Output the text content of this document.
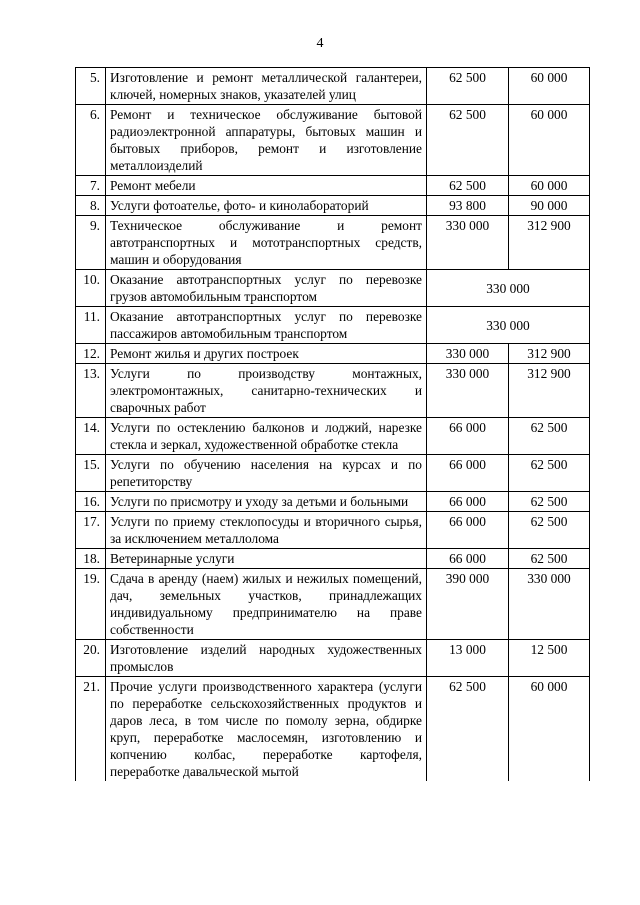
4
5.	Изготовление и ремонт металлической галантереи, ключей, номерных знаков, указателей улиц	62 500	60 000
6.	Ремонт и техническое обслуживание бытовой радиоэлектронной аппаратуры, бытовых машин и бытовых приборов, ремонт и изготовление металлоизделий	62 500	60 000
7.	Ремонт мебели	62 500	60 000
8.	Услуги фотоателье, фото- и кинолабораторий	93 800	90 000
9.	Техническое обслуживание и ремонт автотранспортных и мототранспортных средств, машин и оборудования	330 000	312 900
10.	Оказание автотранспортных услуг по перевозке грузов автомобильным транспортом	330 000	
11.	Оказание автотранспортных услуг по перевозке пассажиров автомобильным транспортом	330 000	
12.	Ремонт жилья и других построек	330 000	312 900
13.	Услуги по производству монтажных, электромонтажных, санитарно-технических и сварочных работ	330 000	312 900
14.	Услуги по остеклению балконов и лоджий, нарезке стекла и зеркал, художественной обработке стекла	66 000	62 500
15.	Услуги по обучению населения на курсах и по репетиторству	66 000	62 500
16.	Услуги по присмотру и уходу за детьми и больными	66 000	62 500
17.	Услуги по приему стеклопосуды и вторичного сырья, за исключением металлолома	66 000	62 500
18.	Ветеринарные услуги	66 000	62 500
19.	Сдача в аренду (наем) жилых и нежилых помещений, дач, земельных участков, принадлежащих индивидуальному предпринимателю на праве собственности	390 000	330 000
20.	Изготовление изделий народных художественных промыслов	13 000	12 500
21.	Прочие услуги производственного характера (услуги по переработке сельскохозяйственных продуктов и даров леса, в том числе по помолу зерна, обдирке круп, переработке маслосемян, изготовлению и копчению колбас, переработке картофеля, переработке давальческой мытой	62 500	60 000
